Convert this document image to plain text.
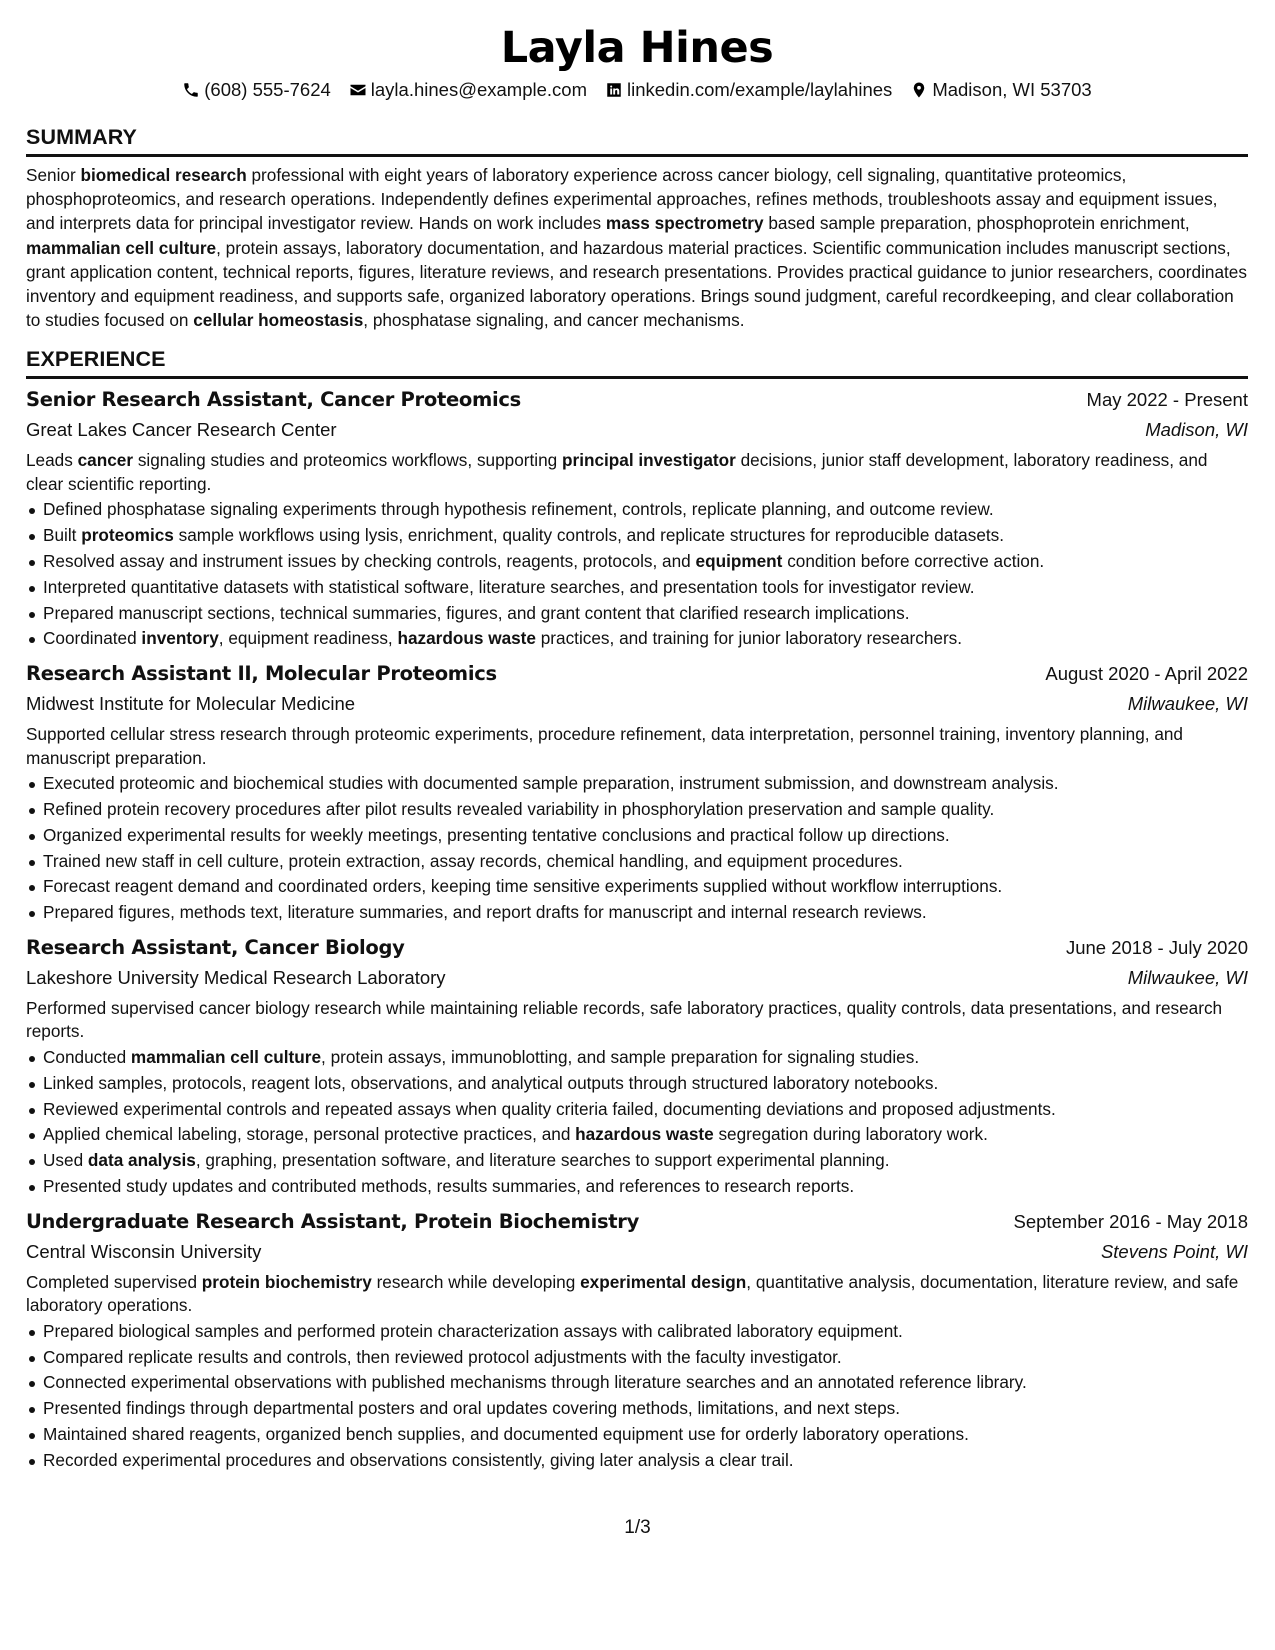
Layla Hines
(608) 555-7624 layla.hines@example.com linkedin.com/example/laylahines Madison, WI 53703
SUMMARY

Senior biomedical research professional with eight years of laboratory experience across cancer biology, cell signaling, quantitative proteomics, phosphoproteomics, and research operations. Independently defines experimental approaches, refines methods, troubleshoots assay and equipment issues, and interprets data for principal investigator review. Hands on work includes mass spectrometry based sample preparation, phosphoprotein enrichment, mammalian cell culture, protein assays, laboratory documentation, and hazardous material practices. Scientific communication includes manuscript sections, grant application content, technical reports, figures, literature reviews, and research presentations. Provides practical guidance to junior researchers, coordinates inventory and equipment readiness, and supports safe, organized laboratory operations. Brings sound judgment, careful recordkeeping, and clear collaboration to studies focused on cellular homeostasis, phosphatase signaling, and cancer mechanisms.

EXPERIENCE
Senior Research Assistant, Cancer Proteomics	May 2022 - Present
Great Lakes Cancer Research Center	Madison, WI

Leads cancer signaling studies and proteomics workflows, supporting principal investigator decisions, junior staff development, laboratory readiness, and clear scientific reporting.

Defined phosphatase signaling experiments through hypothesis refinement, controls, replicate planning, and outcome review.
Built proteomics sample workflows using lysis, enrichment, quality controls, and replicate structures for reproducible datasets.
Resolved assay and instrument issues by checking controls, reagents, protocols, and equipment condition before corrective action.
Interpreted quantitative datasets with statistical software, literature searches, and presentation tools for investigator review.
Prepared manuscript sections, technical summaries, figures, and grant content that clarified research implications.
Coordinated inventory, equipment readiness, hazardous waste practices, and training for junior laboratory researchers.
Research Assistant II, Molecular Proteomics	August 2020 - April 2022
Midwest Institute for Molecular Medicine	Milwaukee, WI

Supported cellular stress research through proteomic experiments, procedure refinement, data interpretation, personnel training, inventory planning, and manuscript preparation.

Executed proteomic and biochemical studies with documented sample preparation, instrument submission, and downstream analysis.
Refined protein recovery procedures after pilot results revealed variability in phosphorylation preservation and sample quality.
Organized experimental results for weekly meetings, presenting tentative conclusions and practical follow up directions.
Trained new staff in cell culture, protein extraction, assay records, chemical handling, and equipment procedures.
Forecast reagent demand and coordinated orders, keeping time sensitive experiments supplied without workflow interruptions.
Prepared figures, methods text, literature summaries, and report drafts for manuscript and internal research reviews.
Research Assistant, Cancer Biology	June 2018 - July 2020
Lakeshore University Medical Research Laboratory	Milwaukee, WI

Performed supervised cancer biology research while maintaining reliable records, safe laboratory practices, quality controls, data presentations, and research reports.

Conducted mammalian cell culture, protein assays, immunoblotting, and sample preparation for signaling studies.
Linked samples, protocols, reagent lots, observations, and analytical outputs through structured laboratory notebooks.
Reviewed experimental controls and repeated assays when quality criteria failed, documenting deviations and proposed adjustments.
Applied chemical labeling, storage, personal protective practices, and hazardous waste segregation during laboratory work.
Used data analysis, graphing, presentation software, and literature searches to support experimental planning.
Presented study updates and contributed methods, results summaries, and references to research reports.
Undergraduate Research Assistant, Protein Biochemistry	September 2016 - May 2018
Central Wisconsin University	Stevens Point, WI

Completed supervised protein biochemistry research while developing experimental design, quantitative analysis, documentation, literature review, and safe laboratory operations.

Prepared biological samples and performed protein characterization assays with calibrated laboratory equipment.
Compared replicate results and controls, then reviewed protocol adjustments with the faculty investigator.
Connected experimental observations with published mechanisms through literature searches and an annotated reference library.
Presented findings through departmental posters and oral updates covering methods, limitations, and next steps.
Maintained shared reagents, organized bench supplies, and documented equipment use for orderly laboratory operations.
Recorded experimental procedures and observations consistently, giving later analysis a clear trail.
1/3
